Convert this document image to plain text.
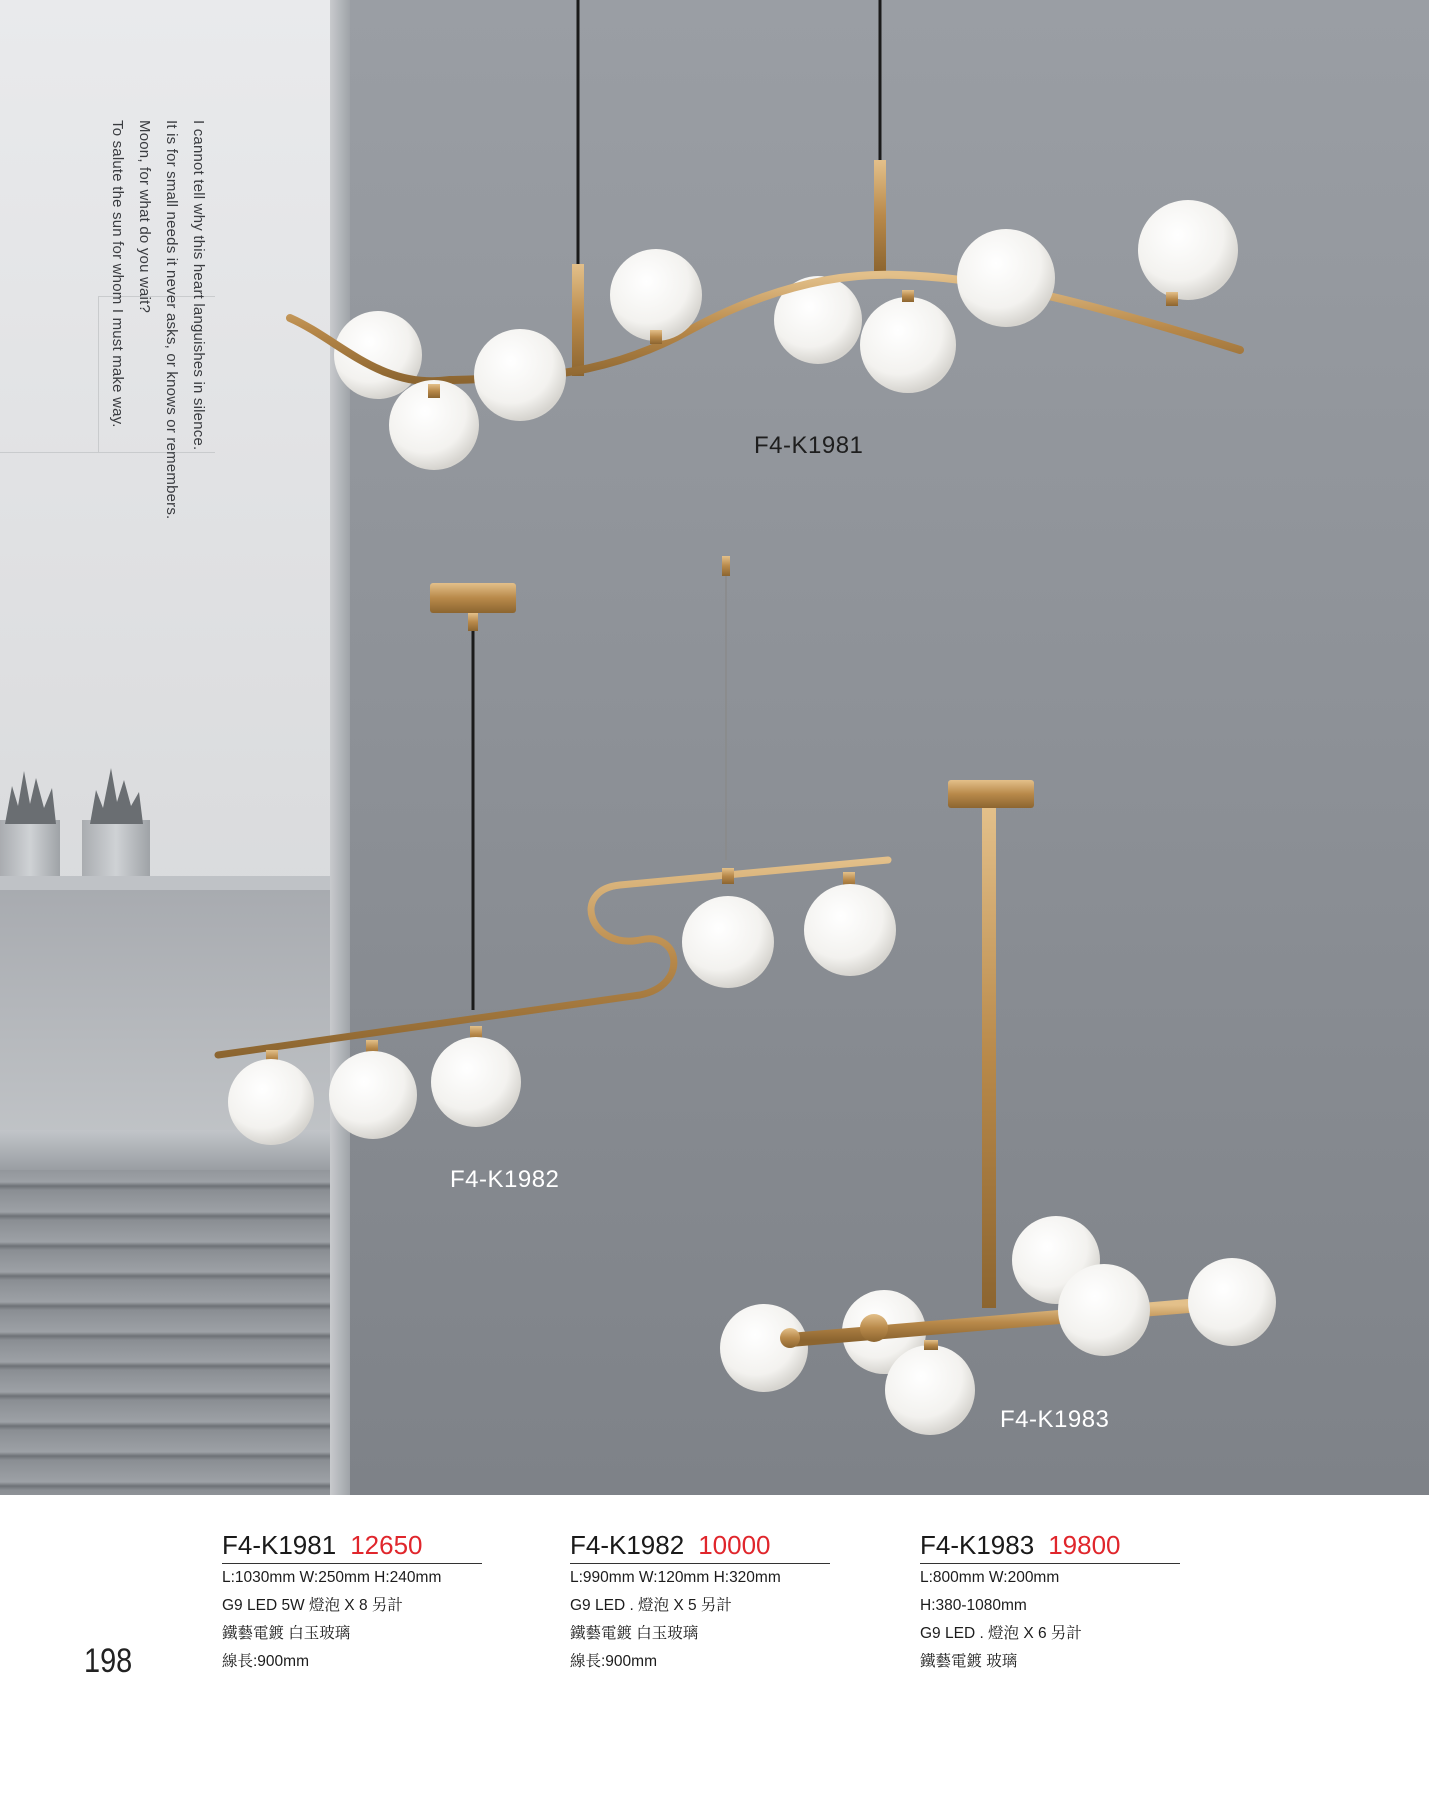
I cannot tell why this heart languishes in silence.
It is for small needs it never asks, or knows or remembers.
Moon, for what do you wait?
To salute the sun for whom I must make way.
F4-K1981
F4-K1982
F4-K1983
F4-K1981 12650
L:1030mm W:250mm H:240mm
G9 LED 5W 燈泡 X 8 另計
鐵藝電鍍 白玉玻璃
線長:900mm
F4-K1982 10000
L:990mm W:120mm H:320mm
G9 LED . 燈泡 X 5 另計
鐵藝電鍍 白玉玻璃
線長:900mm
F4-K1983 19800
L:800mm W:200mm
H:380-1080mm
G9 LED . 燈泡 X 6 另計
鐵藝電鍍 玻璃
198
